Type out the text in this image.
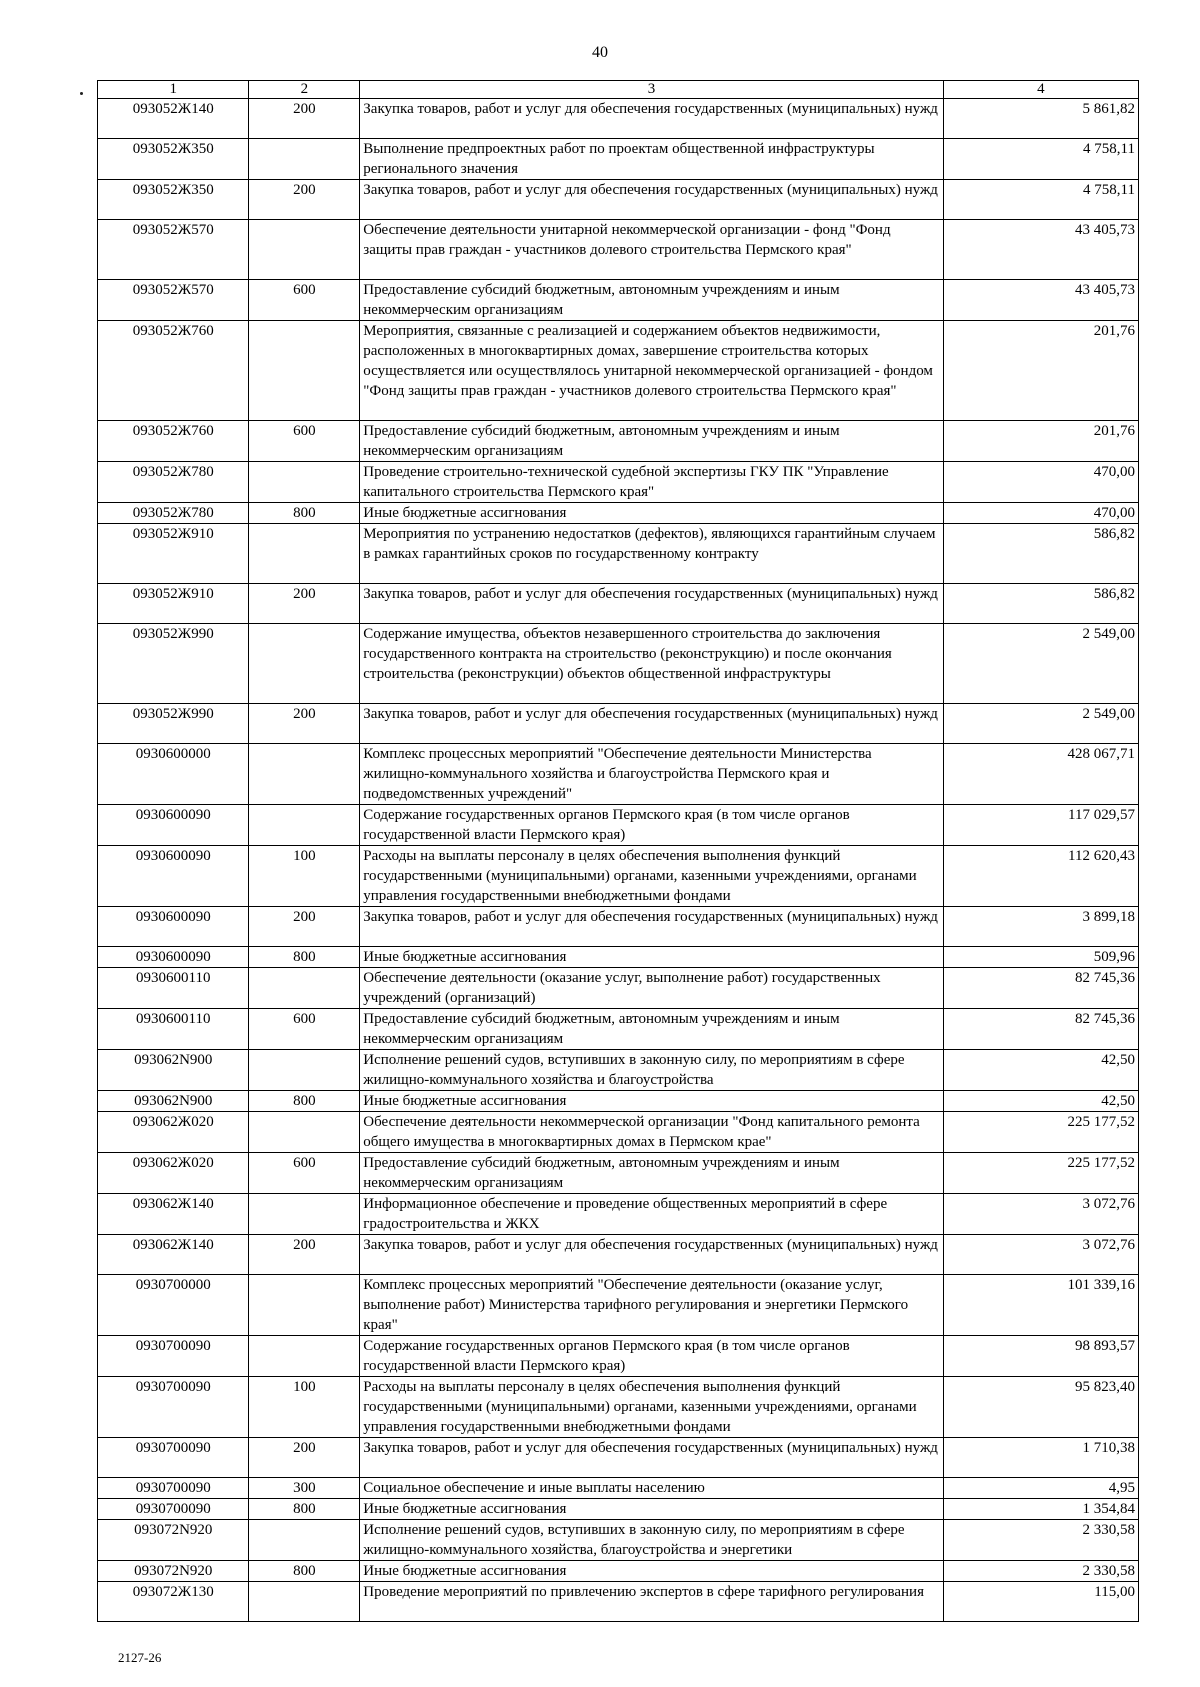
40
1	2	3	4
093052Ж140	200	Закупка товаров, работ и услуг для обеспечения государственных (муниципальных) нужд	5 861,82
093052Ж350		Выполнение предпроектных работ по проектам общественной инфраструктуры регионального значения	4 758,11
093052Ж350	200	Закупка товаров, работ и услуг для обеспечения государственных (муниципальных) нужд	4 758,11
093052Ж570		Обеспечение деятельности унитарной некоммерческой организации - фонд "Фонд защиты прав граждан - участников долевого строительства Пермского края"	43 405,73
093052Ж570	600	Предоставление субсидий бюджетным, автономным учреждениям и иным некоммерческим организациям	43 405,73
093052Ж760		Мероприятия, связанные с реализацией и содержанием объектов недвижимости, расположенных в многоквартирных домах, завершение строительства которых осуществляется или осуществлялось унитарной некоммерческой организацией - фондом "Фонд защиты прав граждан - участников долевого строительства Пермского края"	201,76
093052Ж760	600	Предоставление субсидий бюджетным, автономным учреждениям и иным некоммерческим организациям	201,76
093052Ж780		Проведение строительно-технической судебной экспертизы ГКУ ПК "Управление капитального строительства Пермского края"	470,00
093052Ж780	800	Иные бюджетные ассигнования	470,00
093052Ж910		Мероприятия по устранению недостатков (дефектов), являющихся гарантийным случаем в рамках гарантийных сроков по государственному контракту	586,82
093052Ж910	200	Закупка товаров, работ и услуг для обеспечения государственных (муниципальных) нужд	586,82
093052Ж990		Содержание имущества, объектов незавершенного строительства до заключения государственного контракта на строительство (реконструкцию) и после окончания строительства (реконструкции) объектов общественной инфраструктуры	2 549,00
093052Ж990	200	Закупка товаров, работ и услуг для обеспечения государственных (муниципальных) нужд	2 549,00
0930600000		Комплекс процессных мероприятий "Обеспечение деятельности Министерства жилищно-коммунального хозяйства и благоустройства Пермского края и подведомственных учреждений"	428 067,71
0930600090		Содержание государственных органов Пермского края (в том числе органов государственной власти Пермского края)	117 029,57
0930600090	100	Расходы на выплаты персоналу в целях обеспечения выполнения функций государственными (муниципальными) органами, казенными учреждениями, органами управления государственными внебюджетными фондами	112 620,43
0930600090	200	Закупка товаров, работ и услуг для обеспечения государственных (муниципальных) нужд	3 899,18
0930600090	800	Иные бюджетные ассигнования	509,96
0930600110		Обеспечение деятельности (оказание услуг, выполнение работ) государственных учреждений (организаций)	82 745,36
0930600110	600	Предоставление субсидий бюджетным, автономным учреждениям и иным некоммерческим организациям	82 745,36
093062N900		Исполнение решений судов, вступивших в законную силу, по мероприятиям в сфере жилищно-коммунального хозяйства и благоустройства	42,50
093062N900	800	Иные бюджетные ассигнования	42,50
093062Ж020		Обеспечение деятельности некоммерческой организации "Фонд капитального ремонта общего имущества в многоквартирных домах в Пермском крае"	225 177,52
093062Ж020	600	Предоставление субсидий бюджетным, автономным учреждениям и иным некоммерческим организациям	225 177,52
093062Ж140		Информационное обеспечение и проведение общественных мероприятий в сфере градостроительства и ЖКХ	3 072,76
093062Ж140	200	Закупка товаров, работ и услуг для обеспечения государственных (муниципальных) нужд	3 072,76
0930700000		Комплекс процессных мероприятий "Обеспечение деятельности (оказание услуг, выполнение работ) Министерства тарифного регулирования и энергетики Пермского края"	101 339,16
0930700090		Содержание государственных органов Пермского края (в том числе органов государственной власти Пермского края)	98 893,57
0930700090	100	Расходы на выплаты персоналу в целях обеспечения выполнения функций государственными (муниципальными) органами, казенными учреждениями, органами управления государственными внебюджетными фондами	95 823,40
0930700090	200	Закупка товаров, работ и услуг для обеспечения государственных (муниципальных) нужд	1 710,38
0930700090	300	Социальное обеспечение и иные выплаты населению	4,95
0930700090	800	Иные бюджетные ассигнования	1 354,84
093072N920		Исполнение решений судов, вступивших в законную силу, по мероприятиям в сфере жилищно-коммунального хозяйства, благоустройства и энергетики	2 330,58
093072N920	800	Иные бюджетные ассигнования	2 330,58
093072Ж130		Проведение мероприятий по привлечению экспертов в сфере тарифного регулирования	115,00
2127-26
